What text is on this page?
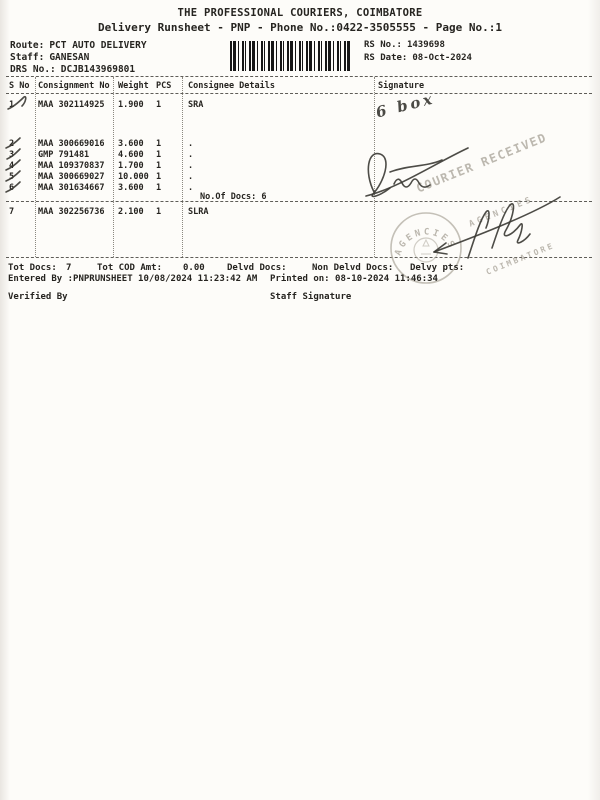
THE PROFESSIONAL COURIERS, COIMBATORE
Delivery Runsheet - PNP - Phone No.:0422-3505555 - Page No.:1
Route: PCT AUTO DELIVERY
Staff: GANESAN
DRS No.: DCJB143969801
RS No.: 1439698
RS Date: 08-Oct-2024
S No Consignment No Weight PCS Consignee Details	Signature
1	MAA 302114925 1.900 1	SRA
2	MAA 300669016 3.600 1	.
3	GMP 791481	4.600 1	.
4	MAA 109370837 1.700 1	.
5	MAA 300669027 10.000 1	.
6	MAA 301634667 3.600 1	.
No.Of Docs: 6
7	MAA 302256736 2.100 1	SLRA
6 box

COURIER RECEIVED

AGENCIES

COIMBATORE

AGENCIES
Tot Docs: 7	Tot COD Amt: 0.00 Delvd Docs:	Non Delvd Docs: Delvy pts:
Entered By :PNPRUNSHEET 10/08/2024 11:23:42 AM Printed on: 08-10-2024 11:46:34
Verified By	Staff Signature
